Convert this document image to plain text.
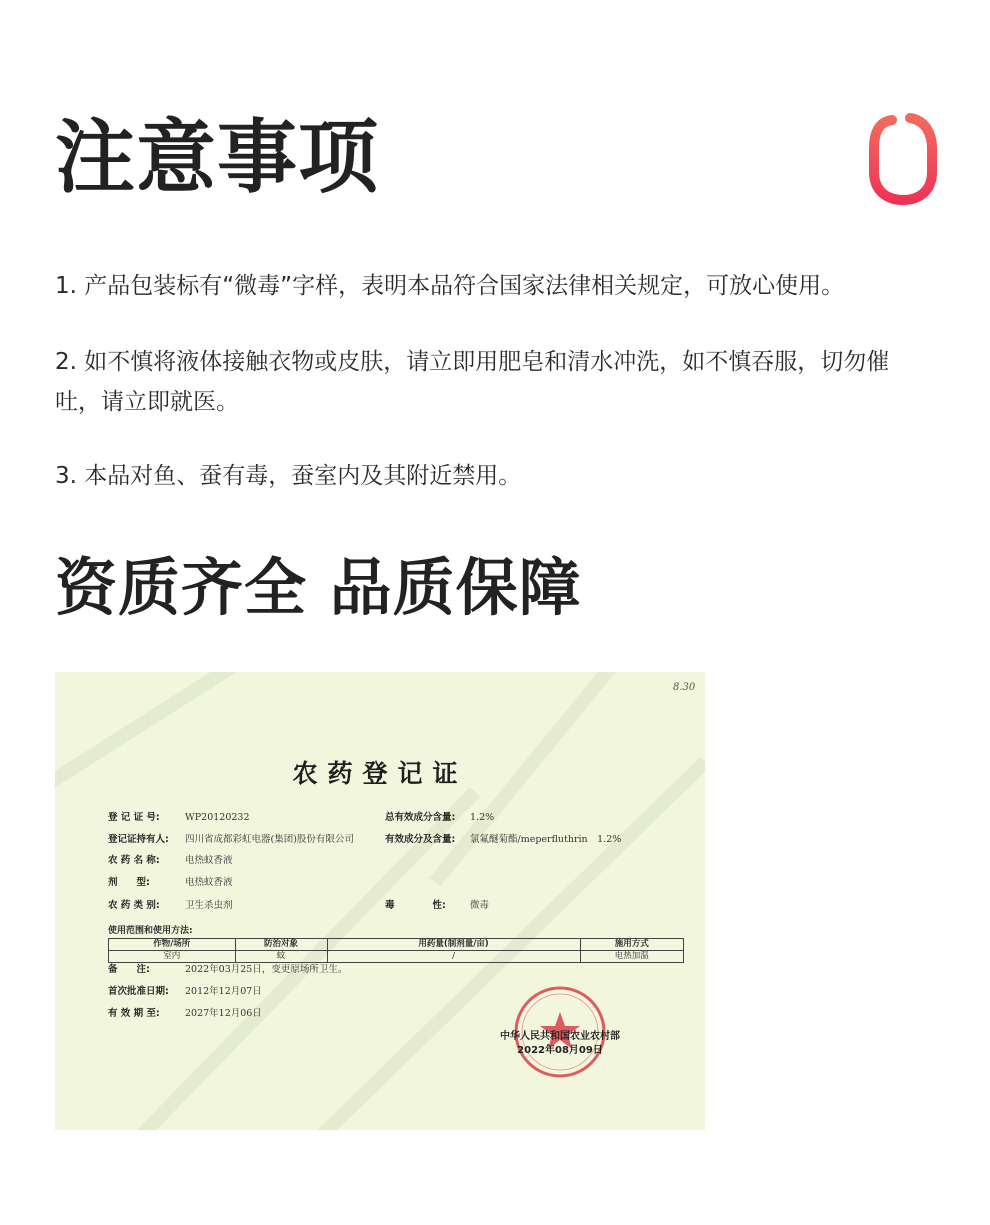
注意事项

1. 产品包装标有“微毒”字样，表明本品符合国家法律相关规定，可放心使用。

2. 如不慎将液体接触衣物或皮肤，请立即用肥皂和清水冲洗，如不慎吞服，切勿催吐，请立即就医。

3. 本品对鱼、蚕有毒，蚕室内及其附近禁用。

资质齐全 品质保障
8.30
农药登记证
登 记 证 号:	WP20120232	总有效成分含量: 1.2%
登记证持有人: 四川省成都彩虹电器(集团)股份有限公司	有效成分及含量: 氯氟醚菊酯/meperfluthrin　1.2%
农 药 名 称:	电热蚊香液
剂　　型:	电热蚊香液
农 药 类 别:	卫生杀虫剂	毒　　　　性:	微毒
使用范围和使用方法:
作物/场所	防治对象	用药量(制剂量/亩)	施用方式
室内	蚊	/	电热加温
备　　注:	2022年03月25日，变更原场所卫生。
首次批准日期: 2012年12月07日
有 效 期 至:	2027年12月06日
中华人民共和国农业农村部
2022年08月09日
